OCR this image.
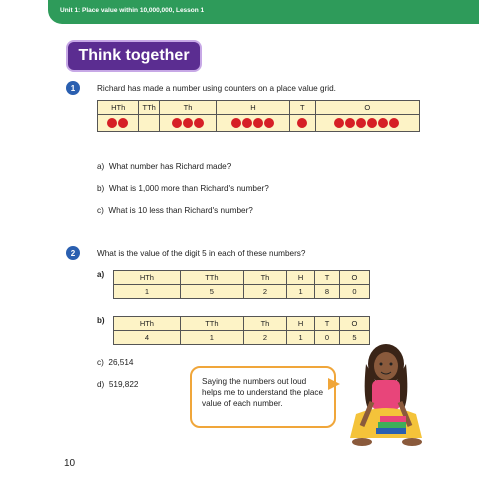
Unit 1: Place value within 10,000,000, Lesson 1
Think together
1	Richard has made a number using counters on a place value grid.
HTh	TTh	Th	H	T	O

a) What number has Richard made?
b) What is 1,000 more than Richard's number?
c) What is 10 less than Richard's number?
2	What is the value of the digit 5 in each of these numbers?
a)	HTh	TTh	Th	H	T	O
1	5	2	1	8	0
b)	HTh	TTh	Th	H	T	O
4	1	2	1	0	5
c) 26,514
d) 519,822	Saying the numbers out loud helps me to understand the place value of each number.
10
